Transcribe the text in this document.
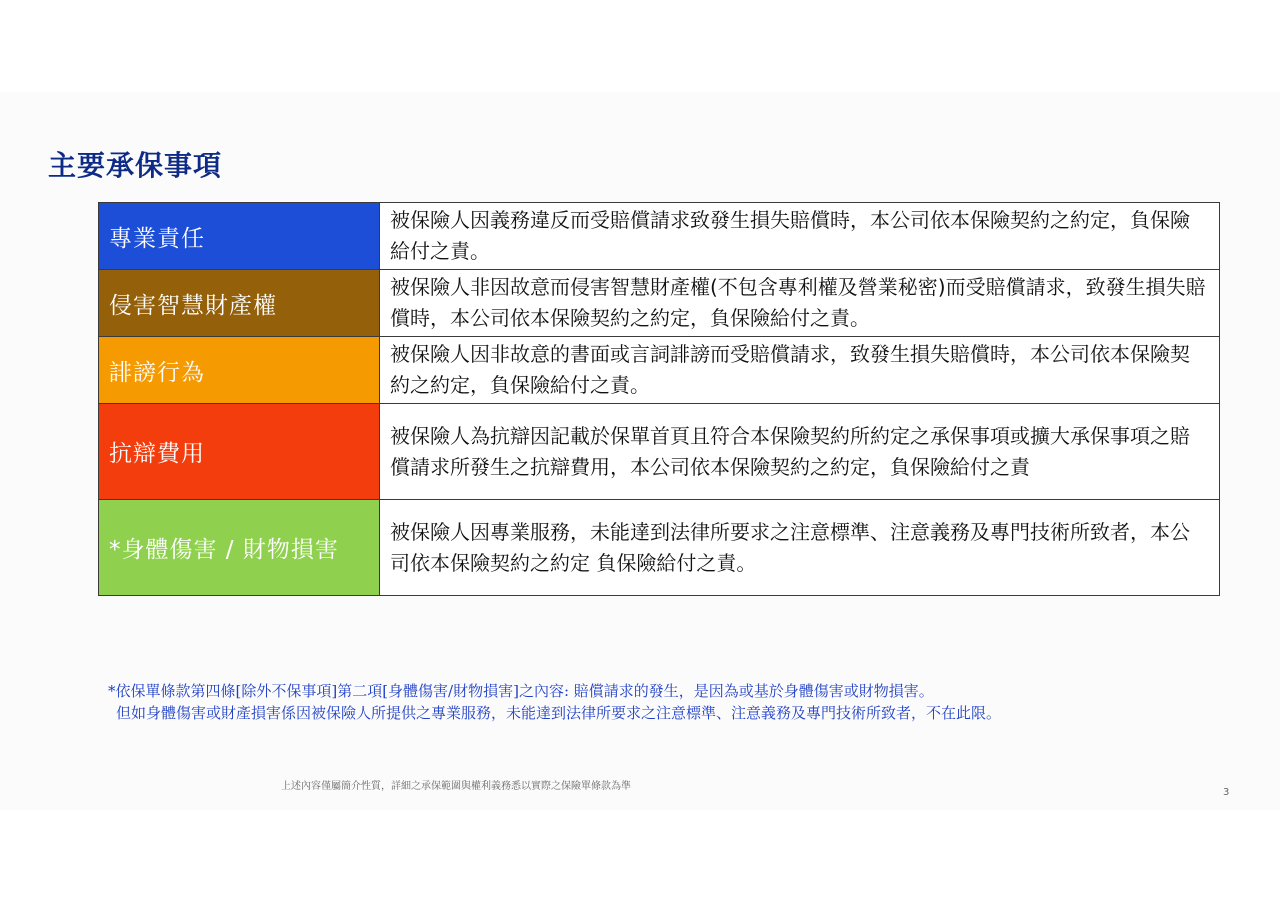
主要承保事項
專業責任	被保險人因義務違反而受賠償請求致發生損失賠償時，本公司依本保險契約之約定，負保險給付之責。
侵害智慧財產權	被保險人非因故意而侵害智慧財產權(不包含專利權及營業秘密)而受賠償請求，致發生損失賠償時，本公司依本保險契約之約定，負保險給付之責。
誹謗行為	被保險人因非故意的書面或言詞誹謗而受賠償請求，致發生損失賠償時，本公司依本保險契約之約定，負保險給付之責。
抗辯費用	被保險人為抗辯因記載於保單首頁且符合本保險契約所約定之承保事項或擴大承保事項之賠償請求所發生之抗辯費用，本公司依本保險契約之約定，負保險給付之責
*身體傷害 / 財物損害	被保險人因專業服務，未能達到法律所要求之注意標準、注意義務及專門技術所致者，本公司依本保險契約之約定 負保險給付之責。
*依保單條款第四條[除外不保事項]第二項[身體傷害/財物損害]之內容: 賠償請求的發生，是因為或基於身體傷害或財物損害。
但如身體傷害或財產損害係因被保險人所提供之專業服務，未能達到法律所要求之注意標準、注意義務及專門技術所致者，不在此限。
上述內容僅屬簡介性質，詳細之承保範圍與權利義務悉以實際之保險單條款為準
3
